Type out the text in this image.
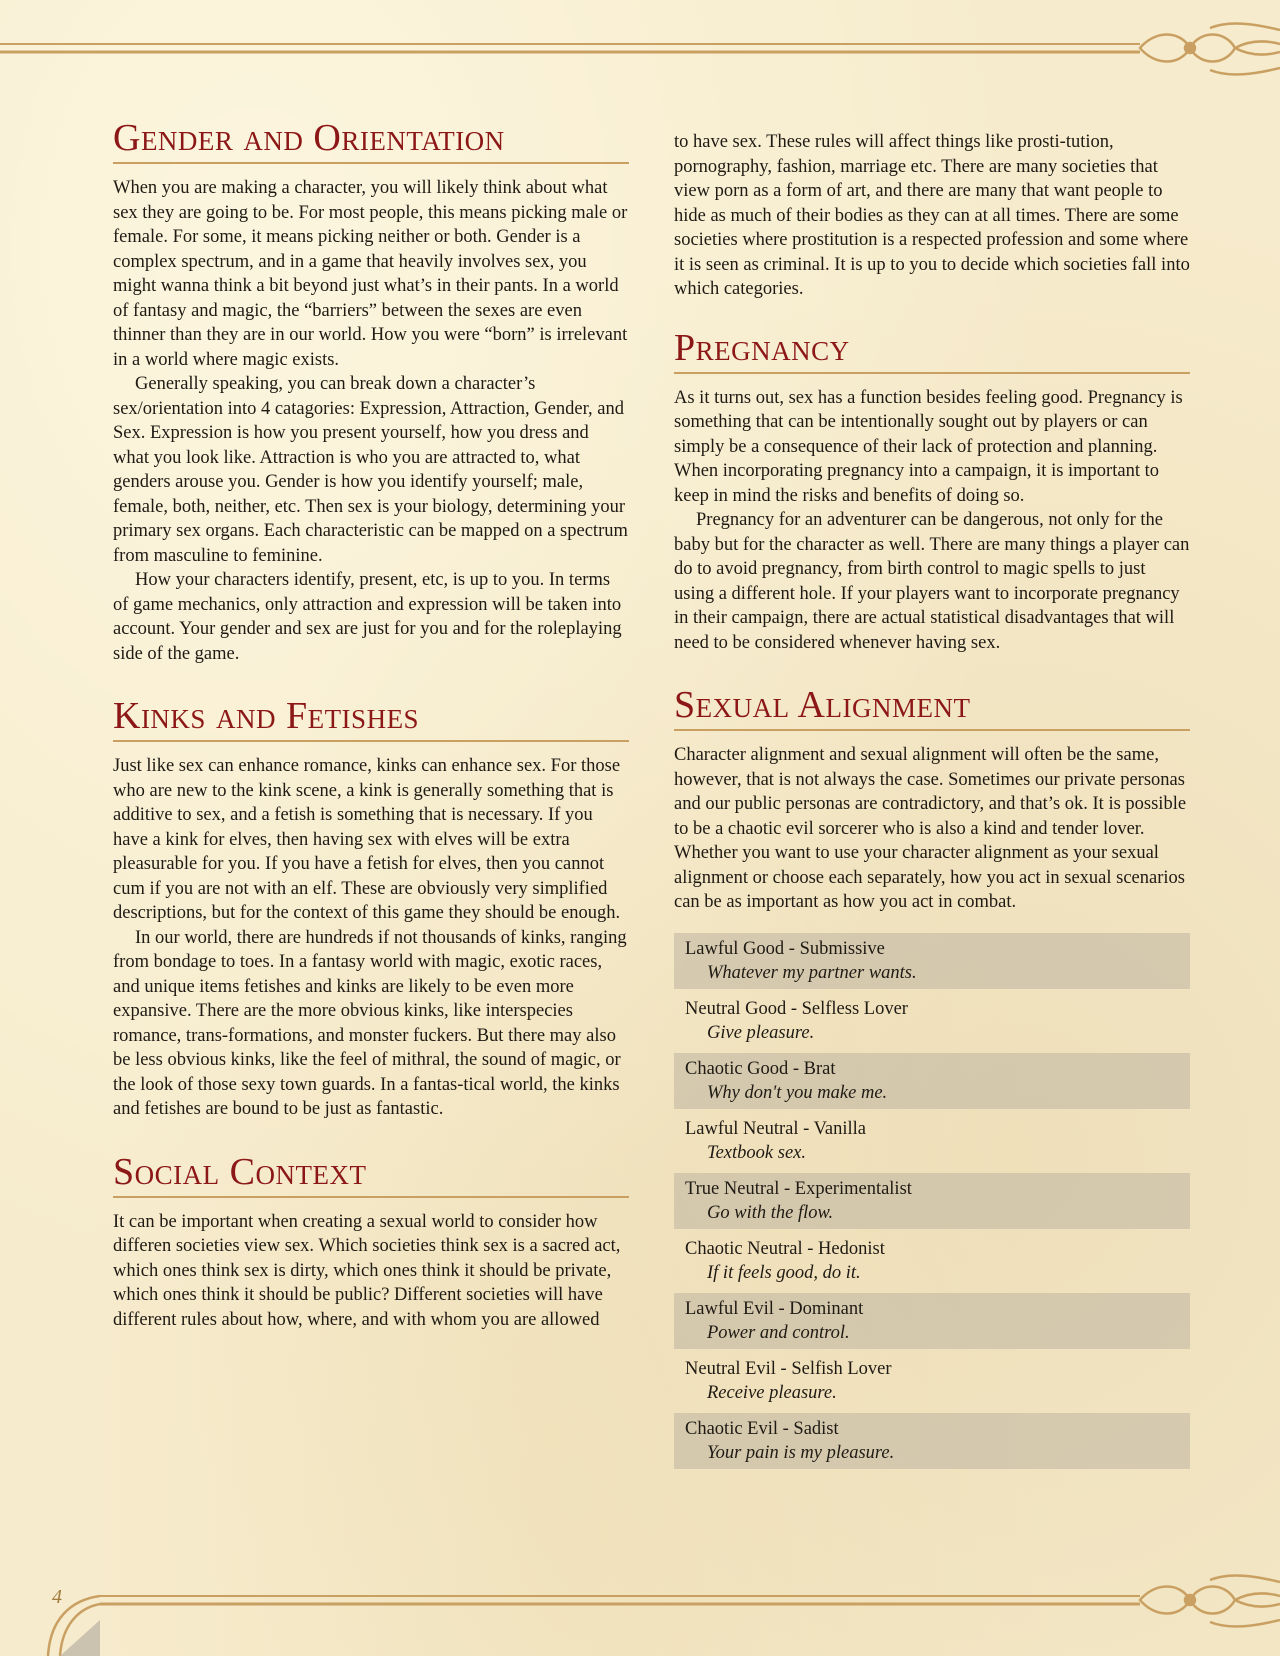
Gender and Orientation

When you are making a character, you will likely think about what sex they are going to be. For most people, this means picking male or female. For some, it means picking neither or both. Gender is a complex spectrum, and in a game that heavily involves sex, you might wanna think a bit beyond just what’s in their pants. In a world of fantasy and magic, the “barriers” between the sexes are even thinner than they are in our world. How you were “born” is irrelevant in a world where magic exists.

Generally speaking, you can break down a character’s sex/orientation into 4 catagories: Expression, Attraction, Gender, and Sex. Expression is how you present yourself, how you dress and what you look like. Attraction is who you are attracted to, what genders arouse you. Gender is how you identify yourself; male, female, both, neither, etc. Then sex is your biology, determining your primary sex organs. Each characteristic can be mapped on a spectrum from masculine to feminine.

How your characters identify, present, etc, is up to you. In terms of game mechanics, only attraction and expression will be taken into account. Your gender and sex are just for you and for the roleplaying side of the game.

Kinks and Fetishes

Just like sex can enhance romance, kinks can enhance sex. For those who are new to the kink scene, a kink is generally something that is additive to sex, and a fetish is something that is necessary. If you have a kink for elves, then having sex with elves will be extra pleasurable for you. If you have a fetish for elves, then you cannot cum if you are not with an elf. These are obviously very simplified descriptions, but for the context of this game they should be enough.

In our world, there are hundreds if not thousands of kinks, ranging from bondage to toes. In a fantasy world with magic, exotic races, and unique items fetishes and kinks are likely to be even more expansive. There are the more obvious kinks, like interspecies romance, trans-formations, and monster fuckers. But there may also be less obvious kinks, like the feel of mithral, the sound of magic, or the look of those sexy town guards. In a fantas-tical world, the kinks and fetishes are bound to be just as fantastic.

Social Context

It can be important when creating a sexual world to consider how differen societies view sex. Which societies think sex is a sacred act, which ones think sex is dirty, which ones think it should be private, which ones think it should be public? Different societies will have different rules about how, where, and with whom you are allowed

to have sex. These rules will affect things like prosti-tution, pornography, fashion, marriage etc. There are many societies that view porn as a form of art, and there are many that want people to hide as much of their bodies as they can at all times. There are some societies where prostitution is a respected profession and some where it is seen as criminal. It is up to you to decide which societies fall into which categories.

Pregnancy

As it turns out, sex has a function besides feeling good. Pregnancy is something that can be intentionally sought out by players or can simply be a consequence of their lack of protection and planning. When incorporating pregnancy into a campaign, it is important to keep in mind the risks and benefits of doing so.

Pregnancy for an adventurer can be dangerous, not only for the baby but for the character as well. There are many things a player can do to avoid pregnancy, from birth control to magic spells to just using a different hole. If your players want to incorporate pregnancy in their campaign, there are actual statistical disadvantages that will need to be considered whenever having sex.

Sexual Alignment

Character alignment and sexual alignment will often be the same, however, that is not always the case. Sometimes our private personas and our public personas are contradictory, and that’s ok. It is possible to be a chaotic evil sorcerer who is also a kind and tender lover. Whether you want to use your character alignment as your sexual alignment or choose each separately, how you act in sexual scenarios can be as important as how you act in combat.

Lawful Good - Submissive
Whatever my partner wants.
Neutral Good - Selfless Lover
Give pleasure.
Chaotic Good - Brat
Why don't you make me.
Lawful Neutral - Vanilla
Textbook sex.
True Neutral - Experimentalist
Go with the flow.
Chaotic Neutral - Hedonist
If it feels good, do it.
Lawful Evil - Dominant
Power and control.
Neutral Evil - Selfish Lover
Receive pleasure.
Chaotic Evil - Sadist
Your pain is my pleasure.
4
